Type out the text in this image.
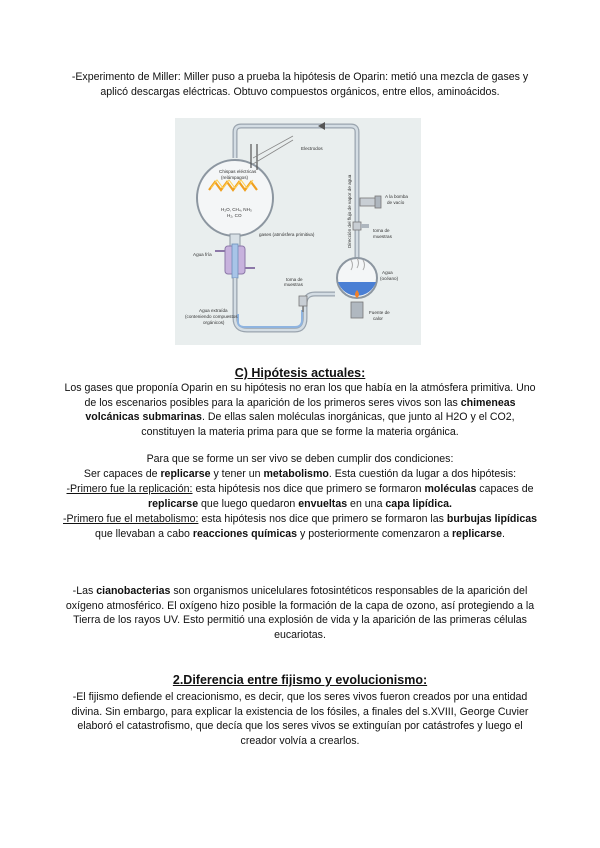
-Experimento de Miller: Miller puso a prueba la hipótesis de Oparin: metió una mezcla de gases y aplicó descargas eléctricas. Obtuvo compuestos orgánicos, entre ellos, aminoácidos.

Electrodos
Chispas eléctricas
(relámpagos)
H₂O, CH₄, NH₃
H₂, CO
gases (atmósfera primitiva)
Agua fría
toma de
muestras
Agua extraída
(conteniendo compuestos
orgánicos)
Dirección del flujo de vapor de agua	A la bomba
de vacío
toma de
muestras
Agua
(océano)
Fuente de
calor
C) Hipótesis actuales:

Los gases que proponía Oparin en su hipótesis no eran los que había en la atmósfera primitiva. Uno de los escenarios posibles para la aparición de los primeros seres vivos son las chimeneas volcánicas submarinas. De ellas salen moléculas inorgánicas, que junto al H2O y el CO2, constituyen la materia prima para que se forme la materia orgánica.

Para que se forme un ser vivo se deben cumplir dos condiciones:

Ser capaces de replicarse y tener un metabolismo. Esta cuestión da lugar a dos hipótesis:

-Primero fue la replicación: esta hipótesis nos dice que primero se formaron moléculas capaces de replicarse que luego quedaron envueltas en una capa lipídica.

-Primero fue el metabolismo: esta hipótesis nos dice que primero se formaron las burbujas lipídicas que llevaban a cabo reacciones químicas y posteriormente comenzaron a replicarse.

-Las cianobacterias son organismos unicelulares fotosintéticos responsables de la aparición del oxígeno atmosférico. El oxígeno hizo posible la formación de la capa de ozono, así protegiendo a la Tierra de los rayos UV. Esto permitió una explosión de vida y la aparición de las primeras células eucariotas.

2.Diferencia entre fijismo y evolucionismo:

-El fijismo defiende el creacionismo, es decir, que los seres vivos fueron creados por una entidad divina. Sin embargo, para explicar la existencia de los fósiles, a finales del s.XVIII, George Cuvier elaboró el catastrofismo, que decía que los seres vivos se extinguían por catástrofes y luego el creador volvía a crearlos.
